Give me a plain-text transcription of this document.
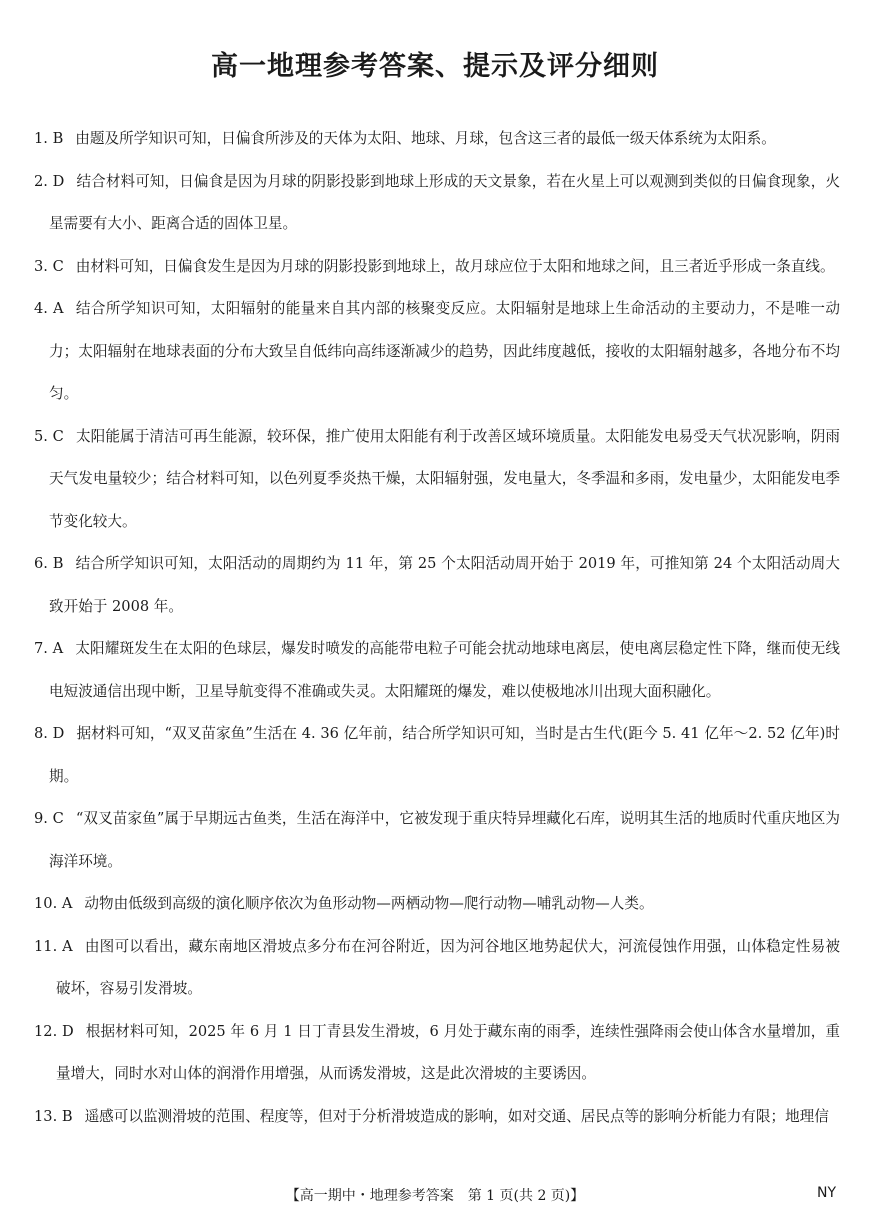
高一地理参考答案、提示及评分细则

1. B 由题及所学知识可知，日偏食所涉及的天体为太阳、地球、月球，包含这三者的最低一级天体系统为太阳系。

2. D 结合材料可知，日偏食是因为月球的阴影投影到地球上形成的天文景象，若在火星上可以观测到类似的日偏食现象，火星需要有大小、距离合适的固体卫星。

3. C 由材料可知，日偏食发生是因为月球的阴影投影到地球上，故月球应位于太阳和地球之间，且三者近乎形成一条直线。

4. A 结合所学知识可知，太阳辐射的能量来自其内部的核聚变反应。太阳辐射是地球上生命活动的主要动力，不是唯一动力；太阳辐射在地球表面的分布大致呈自低纬向高纬逐渐减少的趋势，因此纬度越低，接收的太阳辐射越多，各地分布不均匀。

5. C 太阳能属于清洁可再生能源，较环保，推广使用太阳能有利于改善区域环境质量。太阳能发电易受天气状况影响，阴雨天气发电量较少；结合材料可知，以色列夏季炎热干燥，太阳辐射强，发电量大，冬季温和多雨，发电量少，太阳能发电季节变化较大。

6. B 结合所学知识可知，太阳活动的周期约为 11 年，第 25 个太阳活动周开始于 2019 年，可推知第 24 个太阳活动周大致开始于 2008 年。

7. A 太阳耀斑发生在太阳的色球层，爆发时喷发的高能带电粒子可能会扰动地球电离层，使电离层稳定性下降，继而使无线电短波通信出现中断，卫星导航变得不准确或失灵。太阳耀斑的爆发，难以使极地冰川出现大面积融化。

8. D 据材料可知，“双叉苗家鱼”生活在 4. 36 亿年前，结合所学知识可知，当时是古生代(距今 5. 41 亿年～2. 52 亿年)时期。

9. C “双叉苗家鱼”属于早期远古鱼类，生活在海洋中，它被发现于重庆特异埋藏化石库，说明其生活的地质时代重庆地区为海洋环境。

10. A 动物由低级到高级的演化顺序依次为鱼形动物—两栖动物—爬行动物—哺乳动物—人类。

11. A 由图可以看出，藏东南地区滑坡点多分布在河谷附近，因为河谷地区地势起伏大，河流侵蚀作用强，山体稳定性易被破坏，容易引发滑坡。

12. D 根据材料可知，2025 年 6 月 1 日丁青县发生滑坡，6 月处于藏东南的雨季，连续性强降雨会使山体含水量增加，重量增大，同时水对山体的润滑作用增强，从而诱发滑坡，这是此次滑坡的主要诱因。

13. B 遥感可以监测滑坡的范围、程度等，但对于分析滑坡造成的影响，如对交通、居民点等的影响分析能力有限；地理信

【高一期中・地理参考答案　第 1 页(共 2 页)】	NY
